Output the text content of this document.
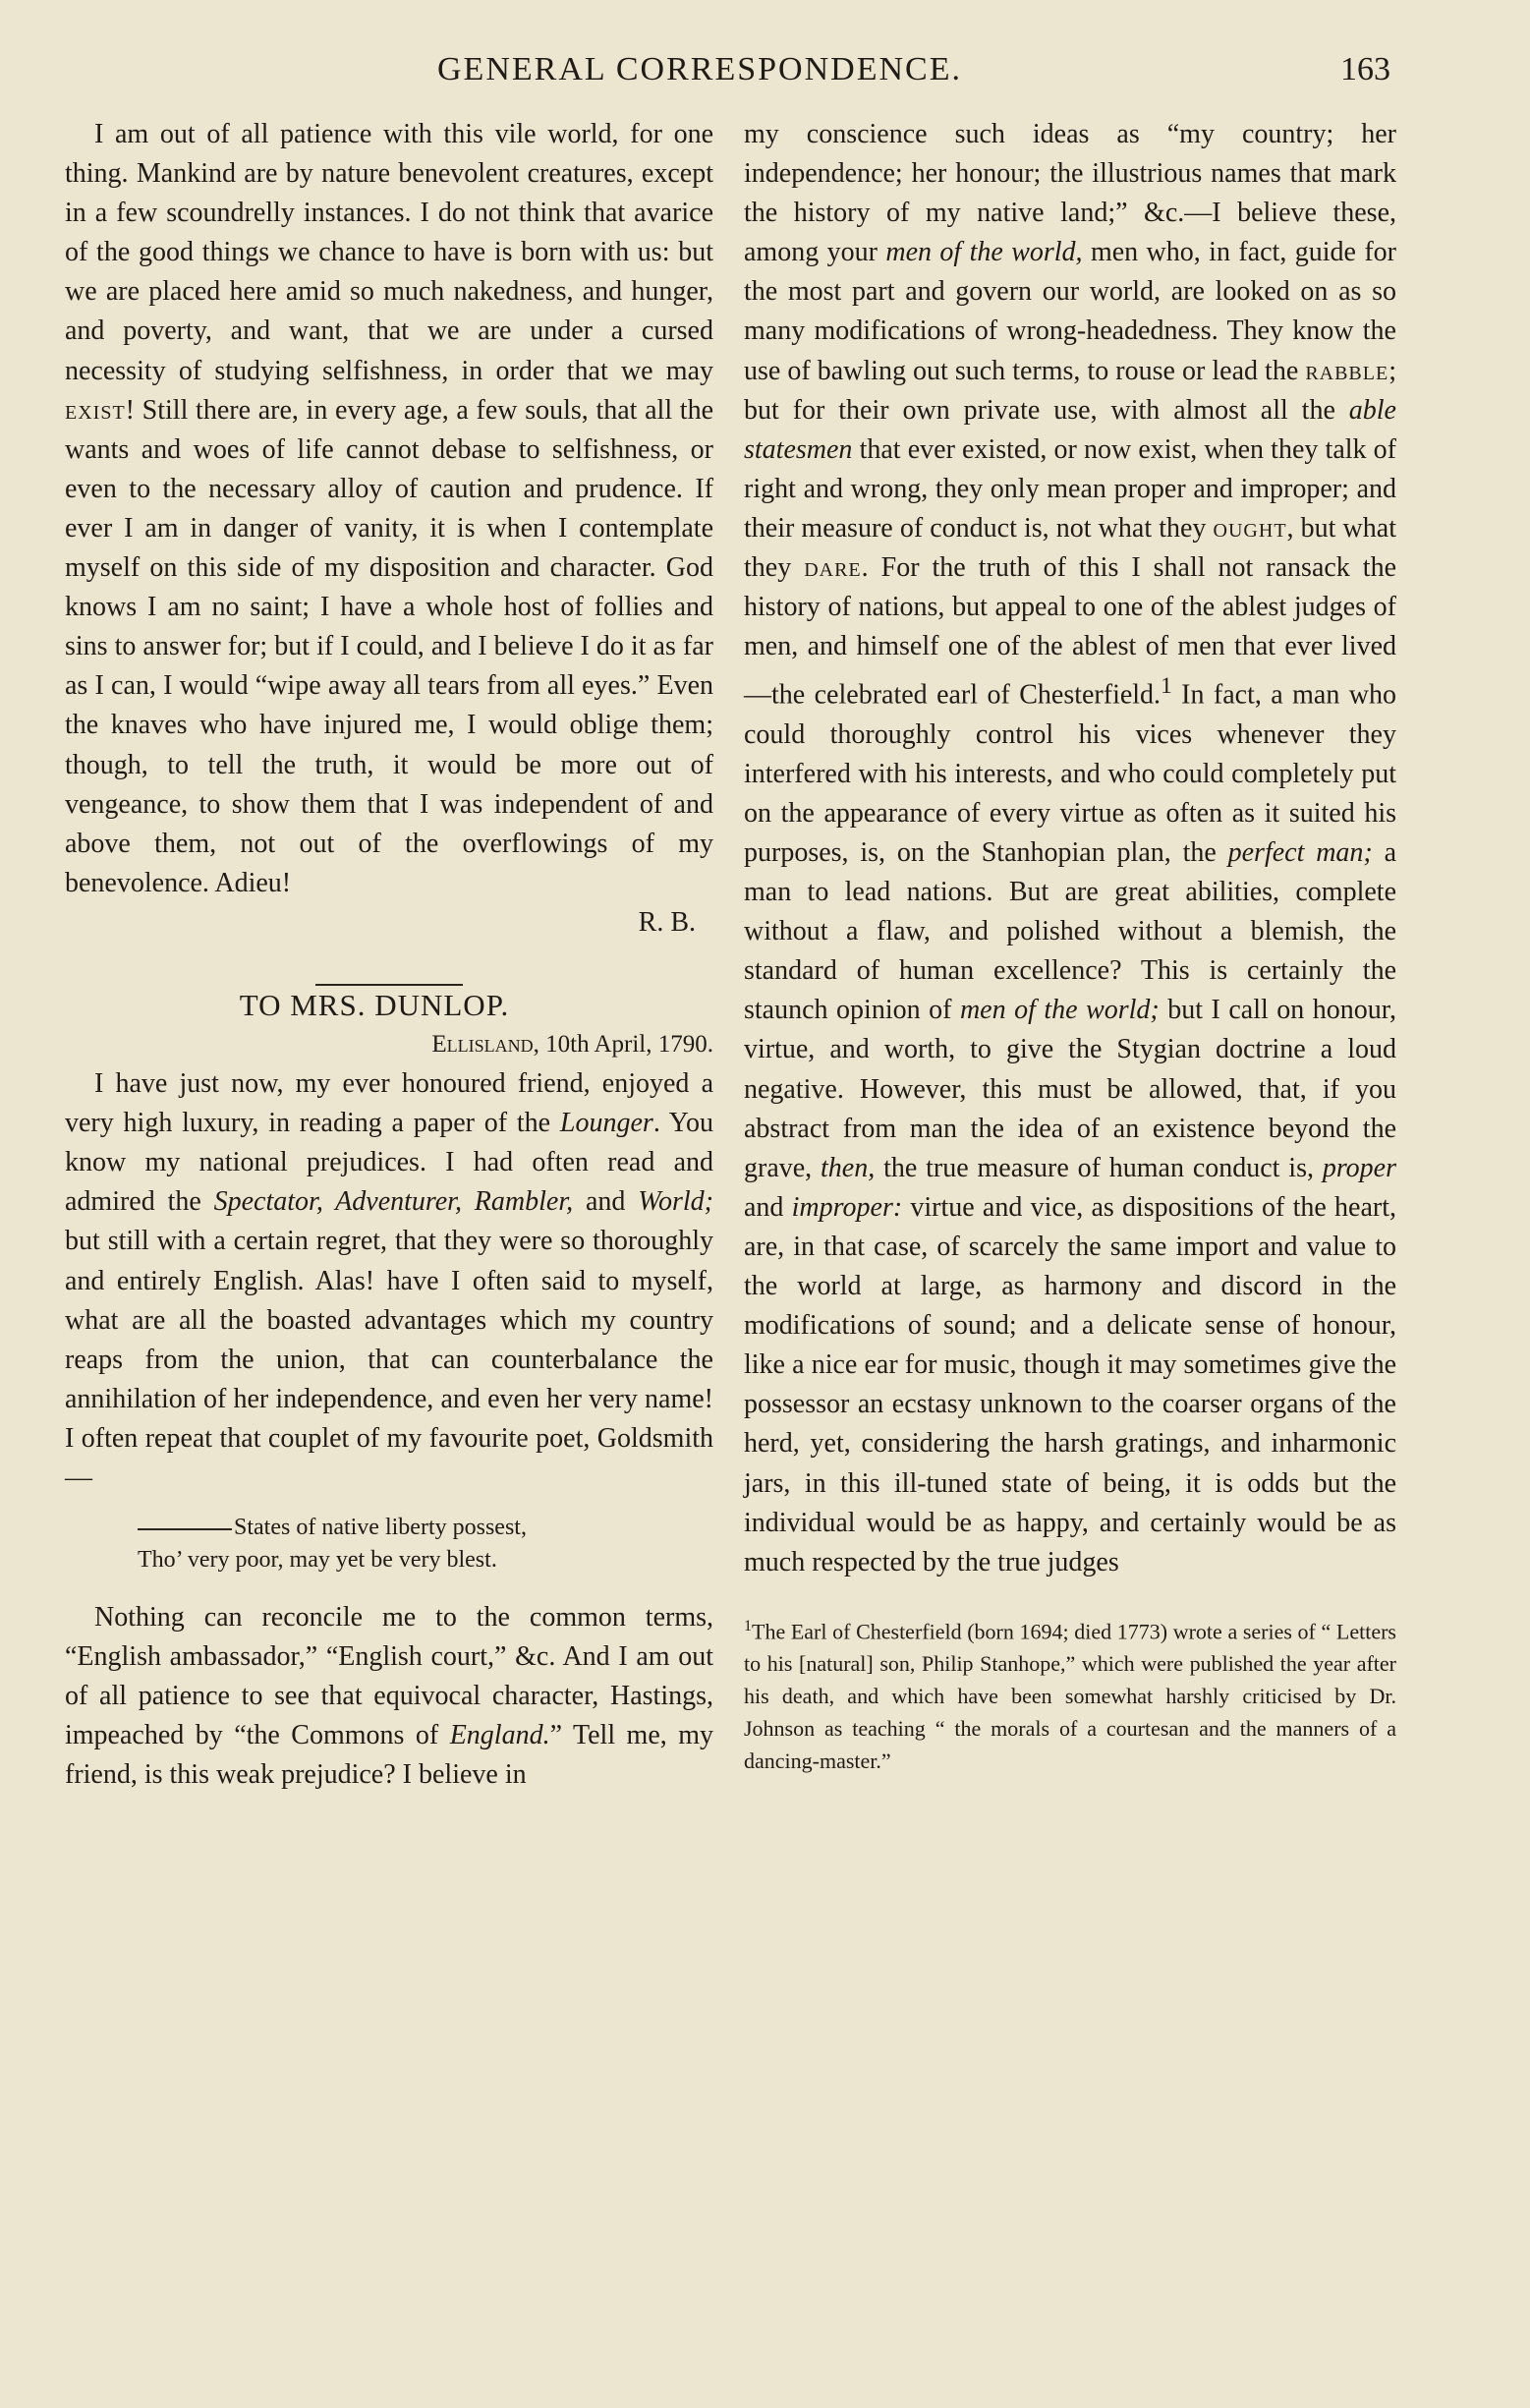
GENERAL CORRESPONDENCE.	163

I am out of all patience with this vile world, for one thing. Mankind are by nature benevolent creatures, except in a few scoundrelly instances. I do not think that avarice of the good things we chance to have is born with us: but we are placed here amid so much nakedness, and hunger, and poverty, and want, that we are under a cursed necessity of studying selfishness, in order that we may exist! Still there are, in every age, a few souls, that all the wants and woes of life cannot debase to selfishness, or even to the necessary alloy of caution and prudence. If ever I am in danger of vanity, it is when I contemplate myself on this side of my disposition and character. God knows I am no saint; I have a whole host of follies and sins to answer for; but if I could, and I believe I do it as far as I can, I would “wipe away all tears from all eyes.” Even the knaves who have injured me, I would oblige them; though, to tell the truth, it would be more out of vengeance, to show them that I was independent of and above them, not out of the overflowings of my benevolence. Adieu!

R. B.

TO MRS. DUNLOP.

Ellisland, 10th April, 1790.

I have just now, my ever honoured friend, enjoyed a very high luxury, in reading a paper of the Lounger. You know my national prejudices. I had often read and admired the Spectator, Adventurer, Rambler, and World; but still with a certain regret, that they were so thoroughly and entirely English. Alas! have I often said to myself, what are all the boasted advantages which my country reaps from the union, that can counterbalance the annihilation of her independence, and even her very name! I often repeat that couplet of my favourite poet, Goldsmith—

States of native liberty possest,
Tho’ very poor, may yet be very blest.

Nothing can reconcile me to the common terms, “English ambassador,” “English court,” &c. And I am out of all patience to see that equivocal character, Hastings, impeached by “the Commons of England.” Tell me, my friend, is this weak prejudice? I believe in

my conscience such ideas as “my country; her independence; her honour; the illustrious names that mark the history of my native land;” &c.—I believe these, among your men of the world, men who, in fact, guide for the most part and govern our world, are looked on as so many modifications of wrong-headedness. They know the use of bawling out such terms, to rouse or lead the rabble; but for their own private use, with almost all the able statesmen that ever existed, or now exist, when they talk of right and wrong, they only mean proper and improper; and their measure of conduct is, not what they ought, but what they dare. For the truth of this I shall not ransack the history of nations, but appeal to one of the ablest judges of men, and himself one of the ablest of men that ever lived—the celebrated earl of Chesterfield.$^1$ In fact, a man who could thoroughly control his vices whenever they interfered with his interests, and who could completely put on the appearance of every virtue as often as it suited his purposes, is, on the Stanhopian plan, the perfect man; a man to lead nations. But are great abilities, complete without a flaw, and polished without a blemish, the standard of human excellence? This is certainly the staunch opinion of men of the world; but I call on honour, virtue, and worth, to give the Stygian doctrine a loud negative. However, this must be allowed, that, if you abstract from man the idea of an existence beyond the grave, then, the true measure of human conduct is, proper and improper: virtue and vice, as dispositions of the heart, are, in that case, of scarcely the same import and value to the world at large, as harmony and discord in the modifications of sound; and a delicate sense of honour, like a nice ear for music, though it may sometimes give the possessor an ecstasy unknown to the coarser organs of the herd, yet, considering the harsh gratings, and inharmonic jars, in this ill-tuned state of being, it is odds but the individual would be as happy, and certainly would be as much respected by the true judges

$^1$The Earl of Chesterfield (born 1694; died 1773) wrote a series of “ Letters to his [natural] son, Philip Stanhope,” which were published the year after his death, and which have been somewhat harshly criticised by Dr. Johnson as teaching “ the morals of a courtesan and the manners of a dancing-master.”
